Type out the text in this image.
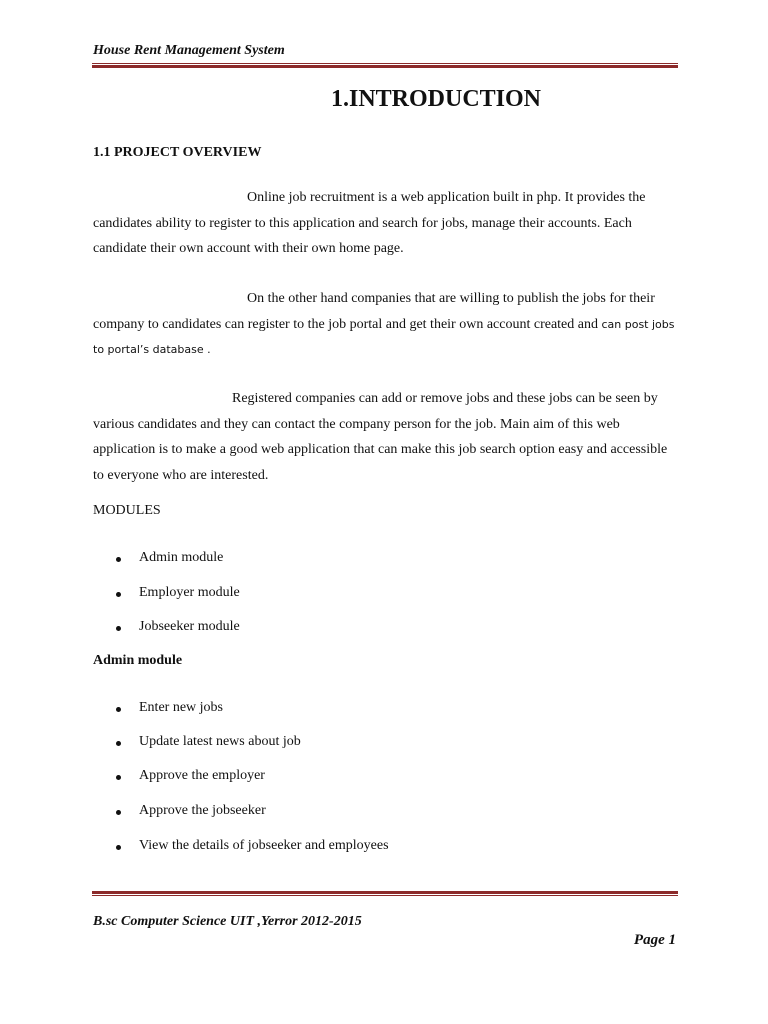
House Rent Management System
1.INTRODUCTION
1.1 PROJECT OVERVIEW

Online job recruitment is a web application built in php. It provides the candidates ability to register to this application and search for jobs, manage their accounts. Each candidate their own account with their own home page.

On the other hand companies that are willing to publish the jobs for their company to candidates can register to the job portal and get their own account created and can post jobs to portal’s database .

Registered companies can add or remove jobs and these jobs can be seen by various candidates and they can contact the company person for the job. Main aim of this web application is to make a good web application that can make this job search option easy and accessible to everyone who are interested.

MODULES
Admin module
Employer module
Jobseeker module
Admin module
Enter new jobs
Update latest news about job
Approve the employer
Approve the jobseeker
View the details of jobseeker and employees
B.sc Computer Science UIT ,Yerror 2012-2015
Page 1
